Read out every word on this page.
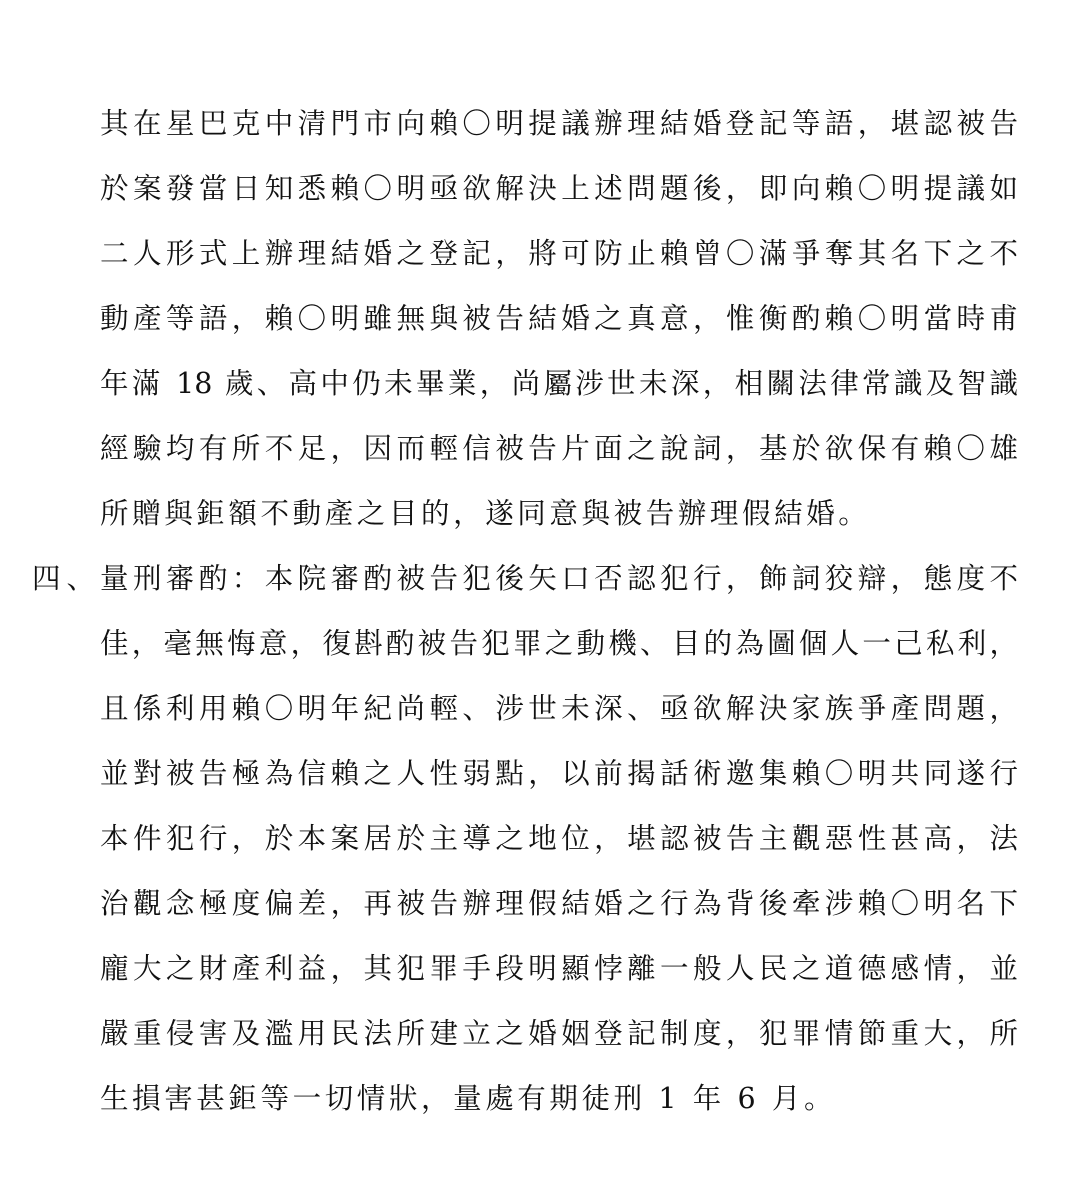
其在星巴克中清門市向賴〇明提議辦理結婚登記等語，堪認被告
於案發當日知悉賴〇明亟欲解決上述問題後，即向賴〇明提議如
二人形式上辦理結婚之登記，將可防止賴曾〇滿爭奪其名下之不
動產等語，賴〇明雖無與被告結婚之真意，惟衡酌賴〇明當時甫
年滿 18 歲、高中仍未畢業，尚屬涉世未深，相關法律常識及智識
經驗均有所不足，因而輕信被告片面之說詞，基於欲保有賴〇雄
所贈與鉅額不動產之目的，遂同意與被告辦理假結婚。
四、
量刑審酌：本院審酌被告犯後矢口否認犯行，飾詞狡辯，態度不
佳，毫無悔意，復斟酌被告犯罪之動機、目的為圖個人一己私利，
且係利用賴〇明年紀尚輕、涉世未深、亟欲解決家族爭產問題，
並對被告極為信賴之人性弱點，以前揭話術邀集賴〇明共同遂行
本件犯行，於本案居於主導之地位，堪認被告主觀惡性甚高，法
治觀念極度偏差，再被告辦理假結婚之行為背後牽涉賴〇明名下
龐大之財產利益，其犯罪手段明顯悖離一般人民之道德感情，並
嚴重侵害及濫用民法所建立之婚姻登記制度，犯罪情節重大，所
生損害甚鉅等一切情狀，量處有期徒刑 1 年 6 月。
